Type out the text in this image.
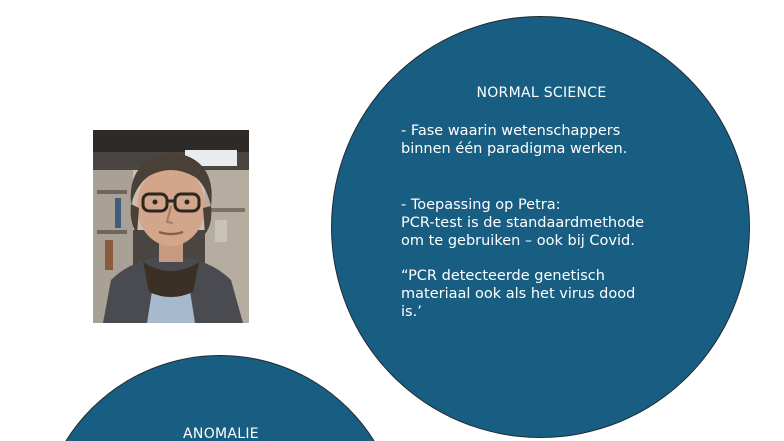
NORMAL SCIENCE

- Fase waarin wetenschappers
binnen één paradigma werken.

- Toepassing op Petra:
PCR-test is de standaardmethode
om te gebruiken – ook bij Covid.

“PCR detecteerde genetisch
materiaal ook als het virus dood
is.’

ANOMALIE
